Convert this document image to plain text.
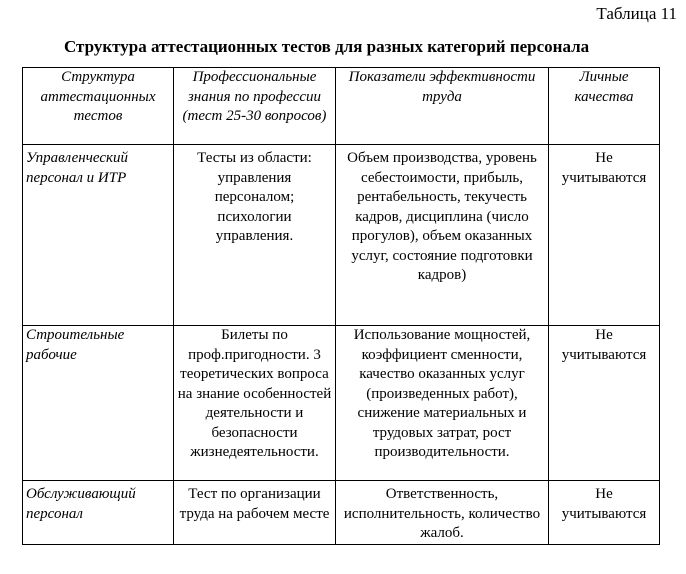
Таблица 11
Структура аттестационных тестов для разных категорий персонала
Структура аттестационных тестов	Профессиональные знания по профессии (тест 25-30 вопросов)	Показатели эффективности труда	Личные качества
Управленческий персонал и ИТР	Тесты из области: управления персоналом; психологии управления.	Объем производства, уровень себестоимости, прибыль, рентабельность, текучесть кадров, дисциплина (число прогулов), объем оказанных услуг, состояние подготовки кадров)	Не учитываются
Строительные рабочие	Билеты по проф.пригодности. 3 теоретических вопроса на знание особенностей деятельности и безопасности жизнедеятельности.	Использование мощностей, коэффициент сменности, качество оказанных услуг (произведенных работ), снижение материальных и трудовых затрат, рост производительности.	Не учитываются
Обслуживающий персонал	Тест по организации труда на рабочем месте	Ответственность, исполнительность, количество жалоб.	Не учитываются
